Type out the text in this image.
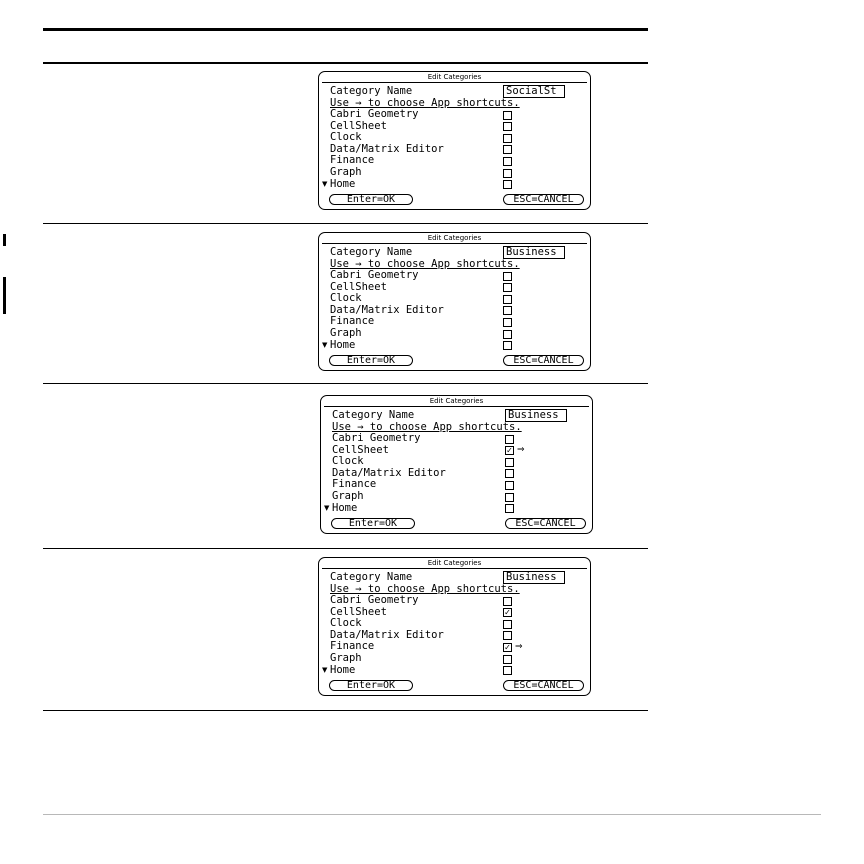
Edit Categories
Category Name	SocialSt
Use → to choose App shortcuts.
Cabri Geometry
CellSheet
Clock
Data/Matrix Editor
Finance
Graph
Home
▼
Enter=OK	ESC=CANCEL
Edit Categories
Category Name	Business
Use → to choose App shortcuts.
Cabri Geometry
CellSheet
Clock
Data/Matrix Editor
Finance
Graph
Home
▼
Enter=OK	ESC=CANCEL
Edit Categories
Category Name	Business
Use → to choose App shortcuts.
Cabri Geometry
CellSheet ✓	⇒
Clock
Data/Matrix Editor
Finance
Graph
Home
▼
Enter=OK	ESC=CANCEL
Edit Categories
Category Name	Business
Use → to choose App shortcuts.
Cabri Geometry
CellSheet
✓
Clock
Data/Matrix Editor
Finance ✓	⇒
Graph
Home
▼
Enter=OK	ESC=CANCEL
